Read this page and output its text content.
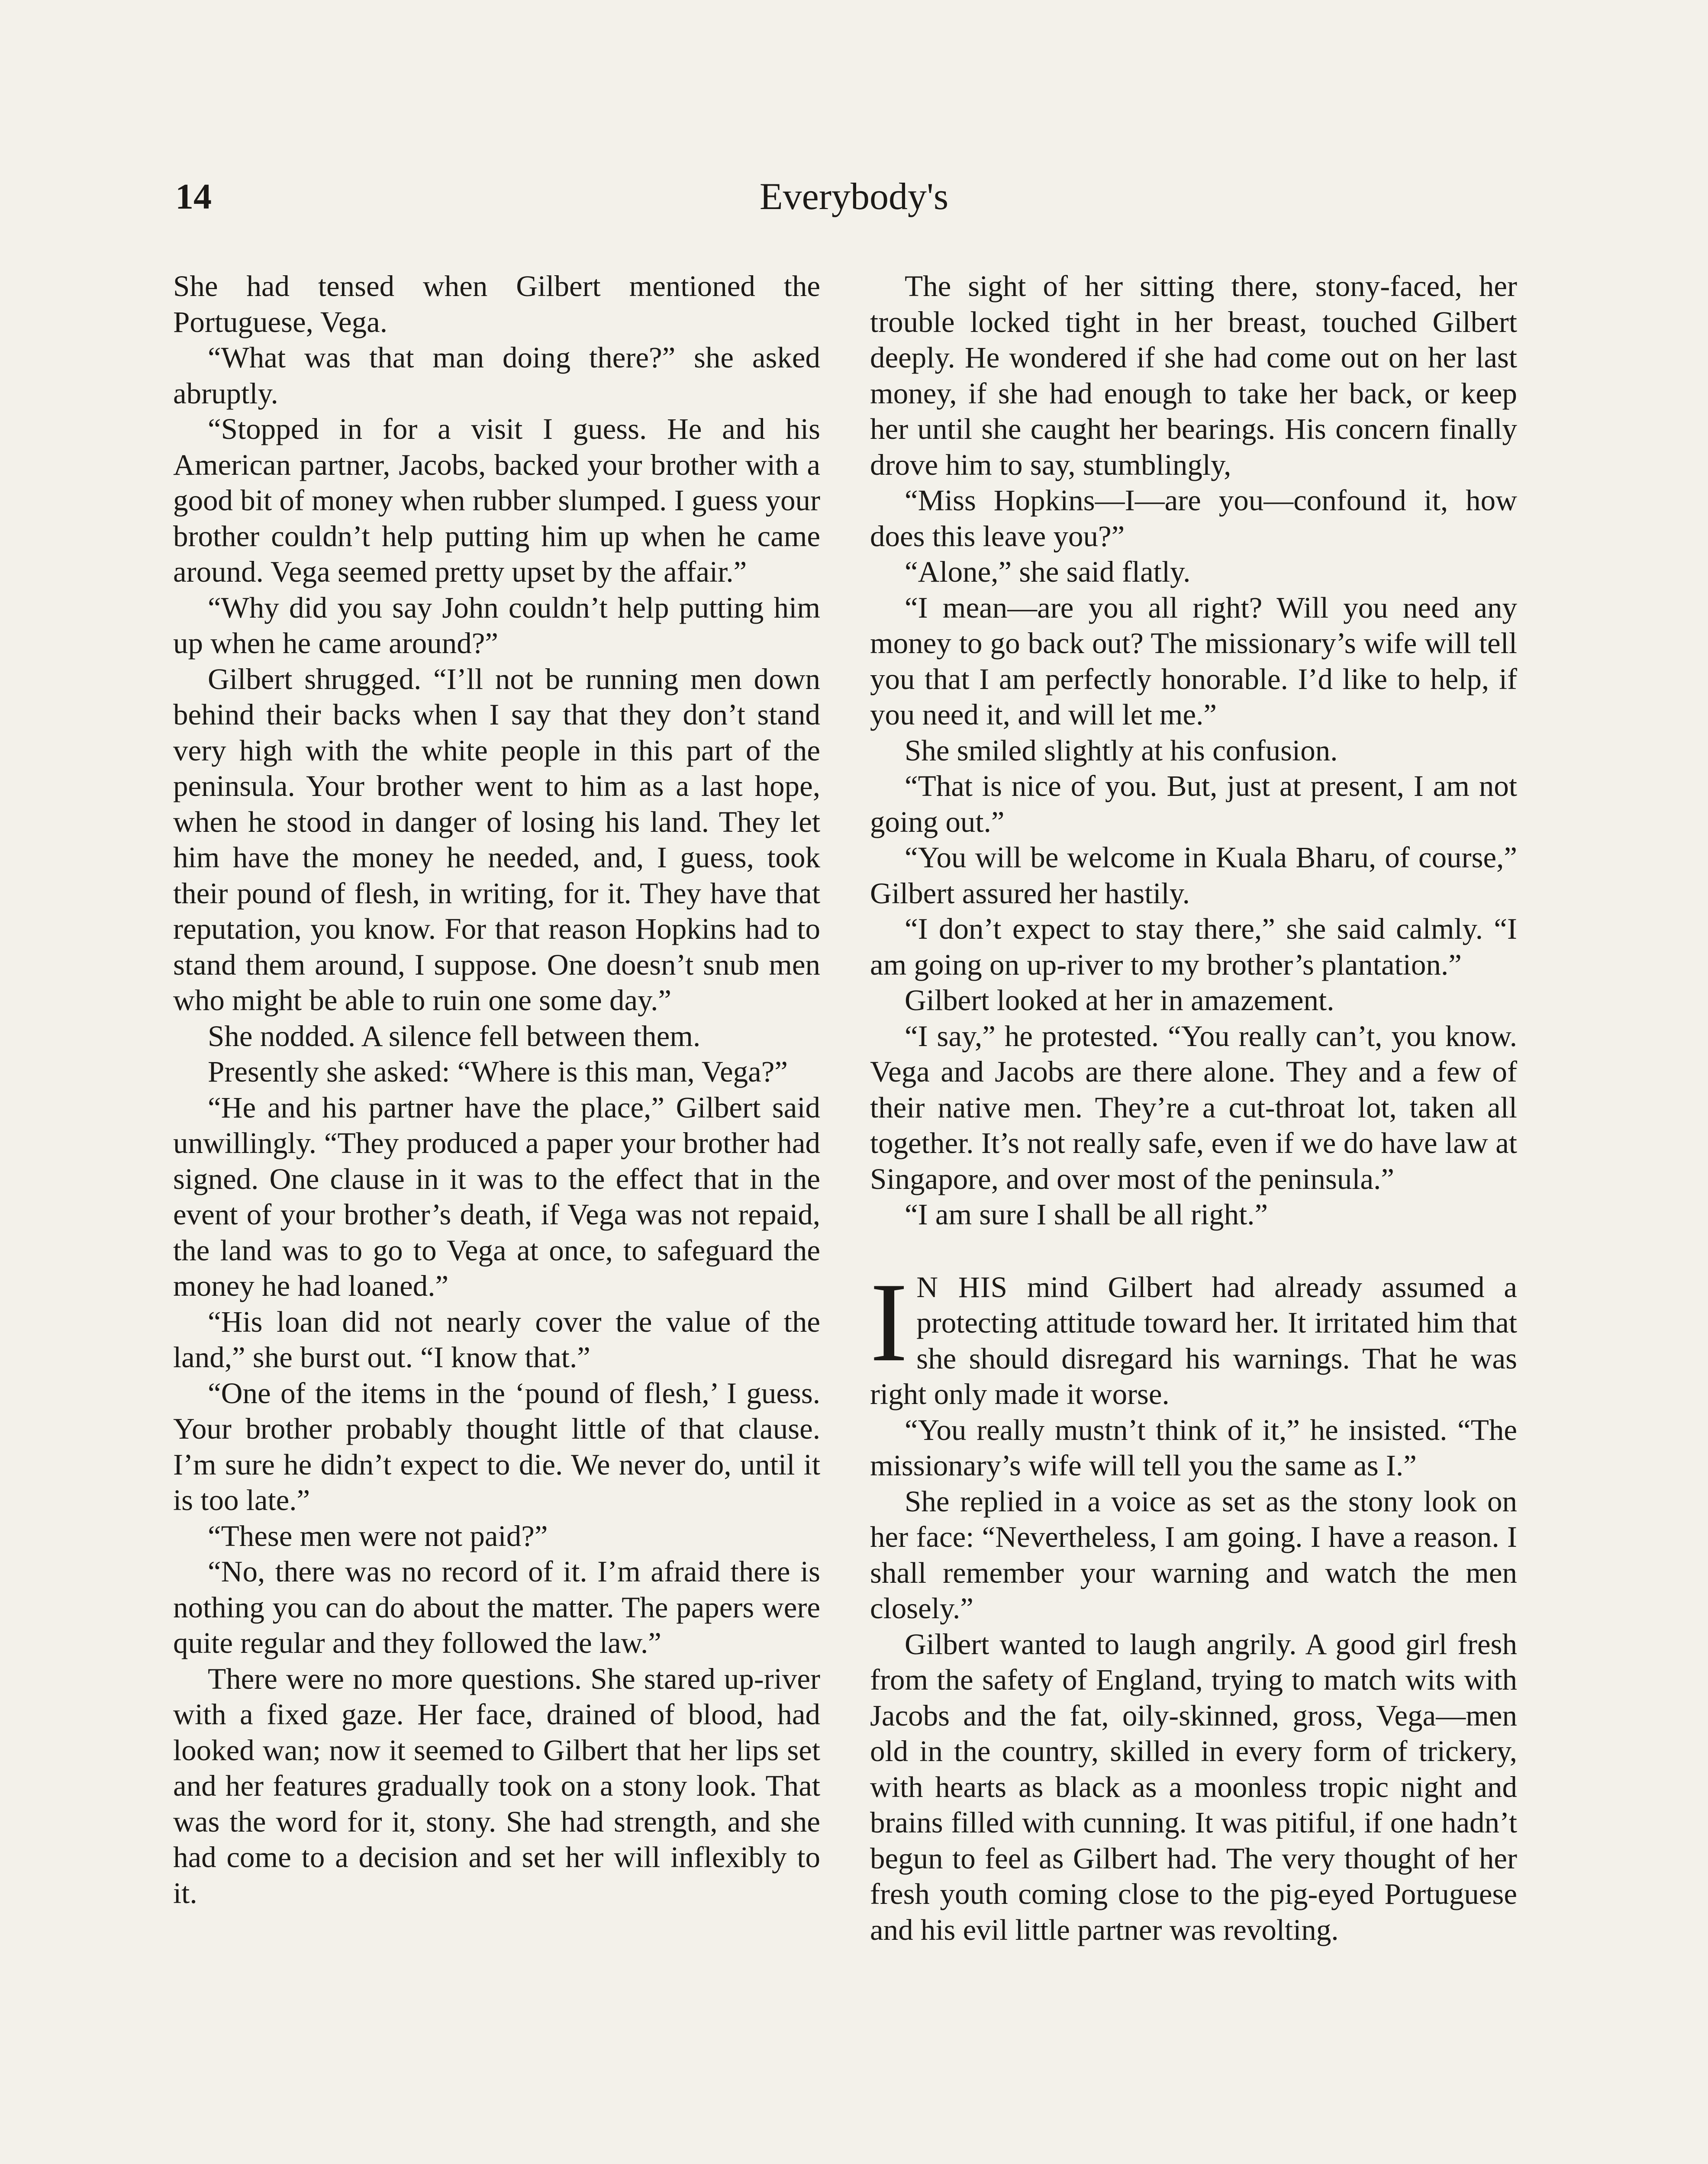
14	Everybody's

She had tensed when Gilbert mentioned the Portuguese, Vega.

“What was that man doing there?” she asked abruptly.

“Stopped in for a visit I guess. He and his American partner, Jacobs, backed your brother with a good bit of money when rubber slumped. I guess your brother couldn’t help putting him up when he came around. Vega seemed pretty upset by the affair.”

“Why did you say John couldn’t help putting him up when he came around?”

Gilbert shrugged. “I’ll not be running men down behind their backs when I say that they don’t stand very high with the white people in this part of the peninsula. Your brother went to him as a last hope, when he stood in danger of losing his land. They let him have the money he needed, and, I guess, took their pound of flesh, in writing, for it. They have that reputation, you know. For that reason Hopkins had to stand them around, I suppose. One doesn’t snub men who might be able to ruin one some day.”

She nodded. A silence fell between them.

Presently she asked: “Where is this man, Vega?”

“He and his partner have the place,” Gilbert said unwillingly. “They produced a paper your brother had signed. One clause in it was to the effect that in the event of your brother’s death, if Vega was not repaid, the land was to go to Vega at once, to safeguard the money he had loaned.”

“His loan did not nearly cover the value of the land,” she burst out. “I know that.”

“One of the items in the ‘pound of flesh,’ I guess. Your brother probably thought little of that clause. I’m sure he didn’t expect to die. We never do, until it is too late.”

“These men were not paid?”

“No, there was no record of it. I’m afraid there is nothing you can do about the matter. The papers were quite regular and they followed the law.”

There were no more questions. She stared up-river with a fixed gaze. Her face, drained of blood, had looked wan; now it seemed to Gilbert that her lips set and her features gradually took on a stony look. That was the word for it, stony. She had strength, and she had come to a decision and set her will inflexibly to it.

The sight of her sitting there, stony-faced, her trouble locked tight in her breast, touched Gilbert deeply. He wondered if she had come out on her last money, if she had enough to take her back, or keep her until she caught her bearings. His concern finally drove him to say, stumblingly,

“Miss Hopkins—I—are you—confound it, how does this leave you?”

“Alone,” she said flatly.

“I mean—are you all right? Will you need any money to go back out? The missionary’s wife will tell you that I am perfectly honorable. I’d like to help, if you need it, and will let me.”

She smiled slightly at his confusion.

“That is nice of you. But, just at present, I am not going out.”

“You will be welcome in Kuala Bharu, of course,” Gilbert assured her hastily.

“I don’t expect to stay there,” she said calmly. “I am going on up-river to my brother’s plantation.”

Gilbert looked at her in amazement.

“I say,” he protested. “You really can’t, you know. Vega and Jacobs are there alone. They and a few of their native men. They’re a cut-throat lot, taken all together. It’s not really safe, even if we do have law at Singapore, and over most of the peninsula.”

“I am sure I shall be all right.”

I N HIS mind Gilbert had already assumed a protecting attitude toward her. It irritated him that she should disregard his warnings. That he was right only made it worse.

“You really mustn’t think of it,” he insisted. “The missionary’s wife will tell you the same as I.”

She replied in a voice as set as the stony look on her face: “Nevertheless, I am going. I have a reason. I shall remember your warning and watch the men closely.”

Gilbert wanted to laugh angrily. A good girl fresh from the safety of England, trying to match wits with Jacobs and the fat, oily-skinned, gross, Vega—men old in the country, skilled in every form of trickery, with hearts as black as a moonless tropic night and brains filled with cunning. It was pitiful, if one hadn’t begun to feel as Gilbert had. The very thought of her fresh youth coming close to the pig-eyed Portuguese and his evil little partner was revolting.
